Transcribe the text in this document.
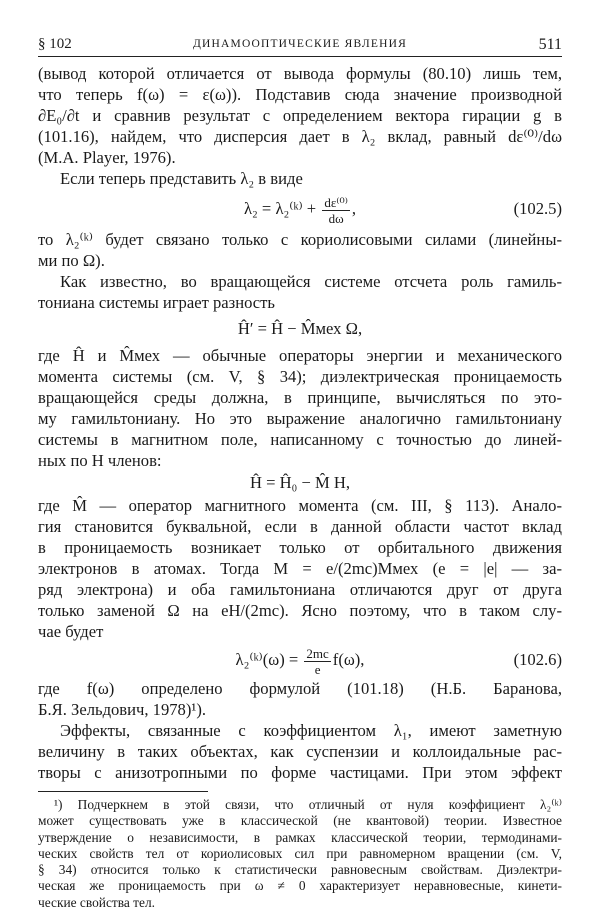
§ 102	ДИНАМООПТИЧЕСКИЕ ЯВЛЕНИЯ	511
(вывод которой отличается от вывода формулы (80.10) лишь тем,
что теперь f(ω) = ε(ω)). Подставив сюда значение производной
∂E₀/∂t и сравнив результат с определением вектора гирации g в
(101.16), найдем, что дисперсия дает в λ₂ вклад, равный dε⁽⁰⁾/dω
(M.A. Player, 1976).
Если теперь представить λ₂ в виде
λ₂ = λ₂⁽ᵏ⁾ + $\frac{\text{dε⁽⁰⁾}}{d\omega}$ ,	(102.5)
то λ₂⁽ᵏ⁾ будет связано только с кориолисовыми силами (линейны-
ми по Ω).
Как известно, во вращающейся системе отсчета роль гамиль-
тониана системы играет разность
Ĥ′ = Ĥ − M̂мех Ω,
где Ĥ и M̂мех — обычные операторы энергии и механического
момента системы (см. V, § 34); диэлектрическая проницаемость
вращающейся среды должна, в принципе, вычисляться по это-
му гамильтониану. Но это выражение аналогично гамильтониану
системы в магнитном поле, написанному с точностью до линей-
ных по H членов:
Ĥ = Ĥ₀ − M̂ H,
где M̂ — оператор магнитного момента (см. III, § 113). Анало-
гия становится буквальной, если в данной области частот вклад
в проницаемость возникает только от орбитального движения
электронов в атомах. Тогда M = e/(2mc)Mмех (e = |e| — за-
ряд электрона) и оба гамильтониана отличаются друг от друга
только заменой Ω на eH/(2mc). Ясно поэтому, что в таком слу-
чае будет
λ₂⁽ᵏ⁾(ω) = $\frac{2mc}{e} f(\omega)$,	(102.6)
где f(ω) определено формулой (101.18) (Н.Б. Баранова,
Б.Я. Зельдович, 1978)¹).
Эффекты, связанные с коэффициентом λ₁, имеют заметную
величину в таких объектах, как суспензии и коллоидальные рас-
творы с анизотропными по форме частицами. При этом эффект
¹) Подчеркнем в этой связи, что отличный от нуля коэффициент λ₂⁽ᵏ⁾
может существовать уже в классической (не квантовой) теории. Известное
утверждение о независимости, в рамках классической теории, термодинами-
ческих свойств тел от кориолисовых сил при равномерном вращении (см. V,
§ 34) относится только к статистически равновесным свойствам. Диэлектри-
ческая же проницаемость при ω ≠ 0 характеризует неравновесные, кинети-
ческие свойства тел.
